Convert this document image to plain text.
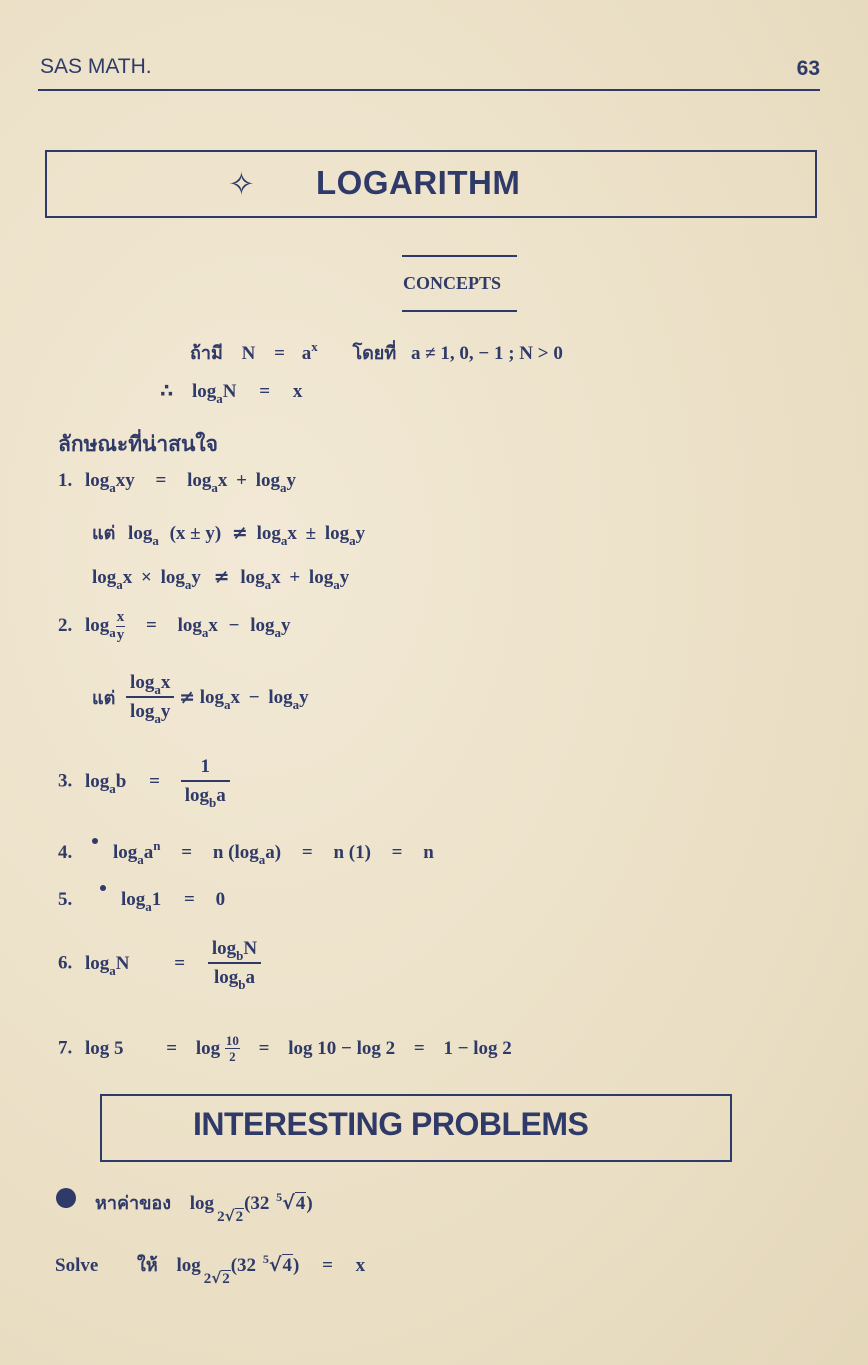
SAS MATH.	63
✧ LOGARITHM
CONCEPTS
ถ้ามี $N = a^x$ โดยที่ a ≠ 1, 0, − 1 ; N > 0
∴ $\log_aN = x$
ลักษณะที่น่าสนใจ
1. $\log_axy = \log_ax + \log_ay$
แต่ $\log_a (x \pm y) \ne \log_ax \pm \log_ay$
$\log_ax \times \log_ay \ne \log_ax + \log_ay$
2. $\log_a \frac{x}{y} = \log_ax - \log_ay$
แต่ $\frac{\log_ax}{\log_ay} \ne \log_ax - \log_ay$
3. $\log_ab = \frac{1}{\log_ba}$
4. $\log_aa^n = n$ $(\log_aa) = n$ (1) = n
5.	$\log_a1 = 0$
6. $\log_aN = \frac{\log_bN}{\log_ba}$
7. $\log 5 = \log \frac{10}{2} = \log 10 - \log 2 = 1 - \log 2$
INTERESTING PROBLEMS
หาค่าของ $\log_{2√2}(32$ $^5$√4)
Solve ให้ $\log_{2√2}(32$ $^5$√4) = x
